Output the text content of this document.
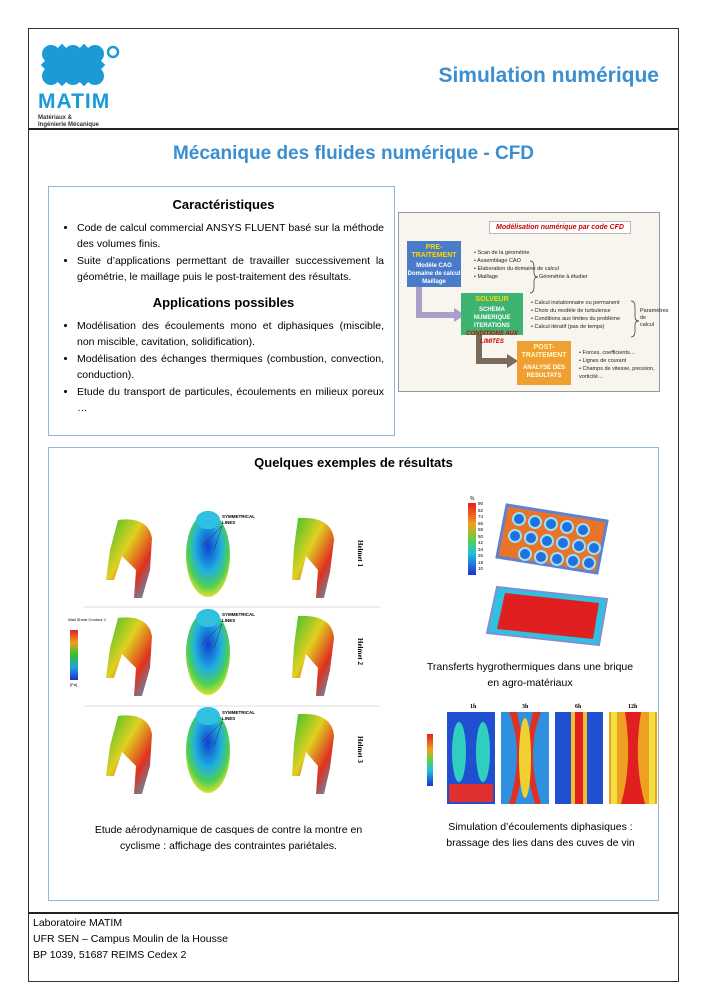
MATIM
Matériaux &
Ingénierie Mécanique
Simulation numérique
Mécanique des fluides numérique - CFD
Caractéristiques
• Code de calcul commercial ANSYS FLUENT basé sur la méthode des volumes finis.
• Suite d’applications permettant de travailler successivement la géométrie, le maillage puis le post-traitement des résultats.
Applications possibles
• Modélisation des écoulements mono et diphasiques (miscible, non miscible, cavitation, solidification).
• Modélisation des échanges thermiques (combustion, convection, conduction).
• Etude du transport de particules, écoulements en milieux poreux …
Modélisation numérique par code CFD
PRE-TRAITEMENT
Modèle CAO
Domaine de calcul
Maillage
• Scan de la géométrie
• Assemblage CAO
• Elaboration du domaine de calcul
• Maillage	Géométrie à étudier
SOLVEUR
SCHEMA NUMERIQUE
ITERATIONS
CONDITIONS AUX LIMITES
• Calcul instationnaire ou permanent
• Choix du modèle de turbulence
• Conditions aux limites du problème
• Calcul itératif (pas de temps)
Paramètres de calcul
POST-TRAITEMENT
ANALYSE DES RESULTATS
• Forces, coefficients…
• Lignes de courant
• Champs de vitesse, pression, vorticité…
Quelques exemples de résultats
Wall Shear Contour 1
[Pa]
SYMMETRICAL LINES
SYMMETRICAL LINES
SYMMETRICAL LINES
Helmet 1
Helmet 2
Helmet 3
Etude aérodynamique de casques de contre la montre en cyclisme : affichage des contraintes pariétales.
%
90
82
74
66
58
50
42
34
26
18
10
Transferts hygrothermiques dans une brique en agro-matériaux
1h	3h	6h	12h
Simulation d’écoulements diphasiques : brassage des lies dans des cuves de vin
Laboratoire MATIM
UFR SEN – Campus Moulin de la Housse
BP 1039, 51687 REIMS Cedex 2
